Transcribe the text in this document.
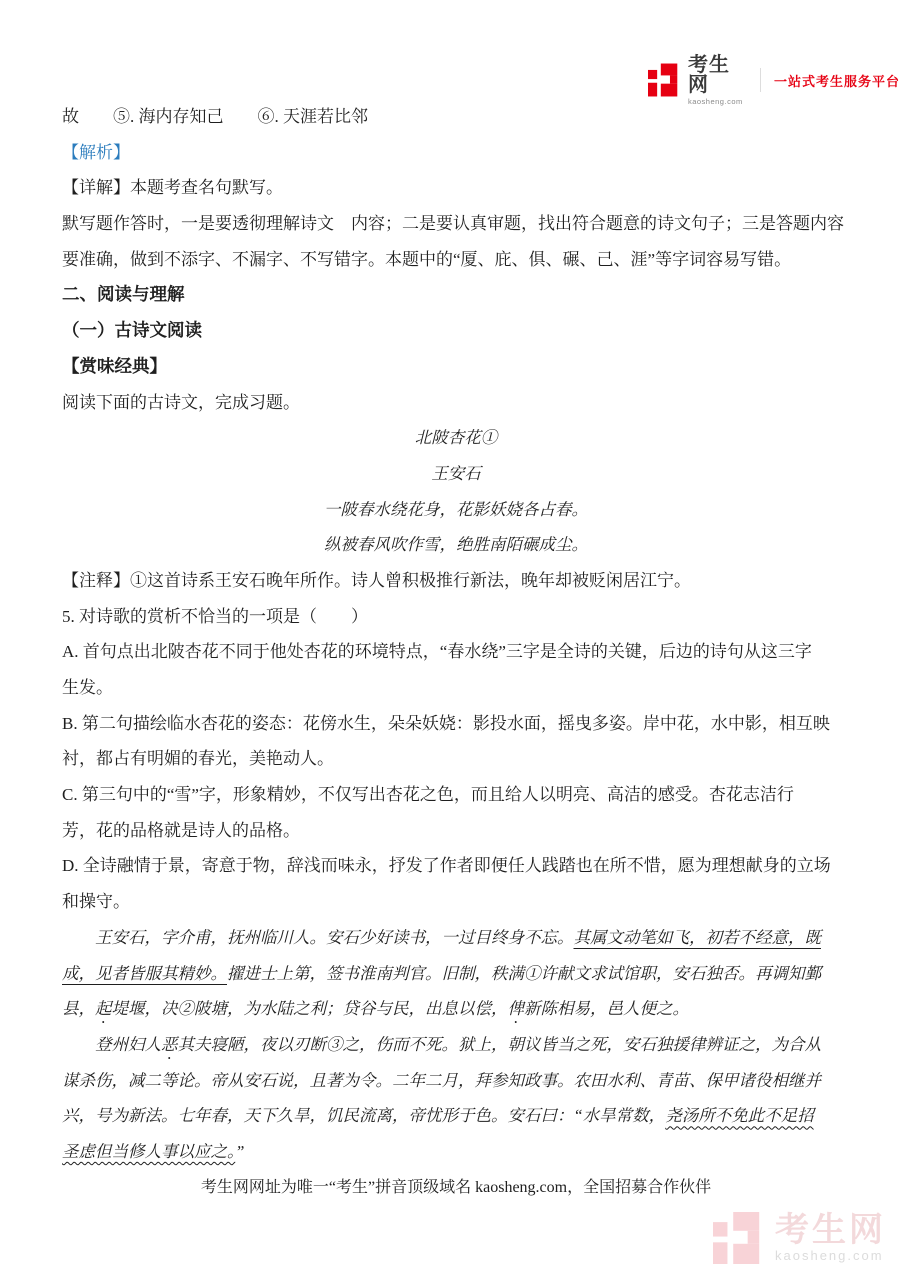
考生网
kaosheng.com
一站式考生服务平台

故　　⑤. 海内存知己　　⑥. 天涯若比邻

【解析】

【详解】本题考查名句默写。

默写题作答时，一是要透彻理解诗文　内容；二是要认真审题，找出符合题意的诗文句子；三是答题内容

要准确，做到不添字、不漏字、不写错字。本题中的“厦、庇、俱、碾、己、涯”等字词容易写错。

二、阅读与理解

（一）古诗文阅读

【赏味经典】

阅读下面的古诗文，完成习题。

北陂杏花①

王安石

一陂春水绕花身，花影妖娆各占春。

纵被春风吹作雪，绝胜南陌碾成尘。

【注释】①这首诗系王安石晚年所作。诗人曾积极推行新法，晚年却被贬闲居江宁。

5. 对诗歌的赏析不恰当的一项是（　　）

A. 首句点出北陂杏花不同于他处杏花的环境特点，“春水绕”三字是全诗的关键，后边的诗句从这三字

生发。

B. 第二句描绘临水杏花的姿态：花傍水生，朵朵妖娆：影投水面，摇曳多姿。岸中花，水中影，相互映

衬，都占有明媚的春光，美艳动人。

C. 第三句中的“雪”字，形象精妙，不仅写出杏花之色，而且给人以明亮、高洁的感受。杏花志洁行

芳，花的品格就是诗人的品格。

D. 全诗融情于景，寄意于物，辞浅而味永，抒发了作者即便任人践踏也在所不惜，愿为理想献身的立场

和操守。

　　王安石，字介甫，抚州临川人。安石少好读书，一过目终身不忘。其属文动笔如飞，初若不经意，既

成，见者皆服其精妙。擢进士上第，签书淮南判官。旧制，秩满①许献文求试馆职，安石独否。再调知鄞

县，起堤堰，决②陂塘，为水陆之利；贷谷与民，出息以偿，俾新陈相易，邑人便之。

　　登州妇人恶其夫寝陋，夜以刃断③之，伤而不死。狱上，朝议皆当之死，安石独援律辨证之，为合从

谋杀伤，减二等论。帝从安石说，且著为令。二年二月，拜参知政事。农田水利、青苗、保甲诸役相继并

兴，号为新法。七年春，天下久旱，饥民流离，帝忧形于色。安石曰：“水旱常数，尧汤所不免此不足招

圣虑但当修人事以应之。”

考生网网址为唯一“考生”拼音顶级域名 kaosheng.com，全国招募合作伙伴

考生网
kaosheng.com
